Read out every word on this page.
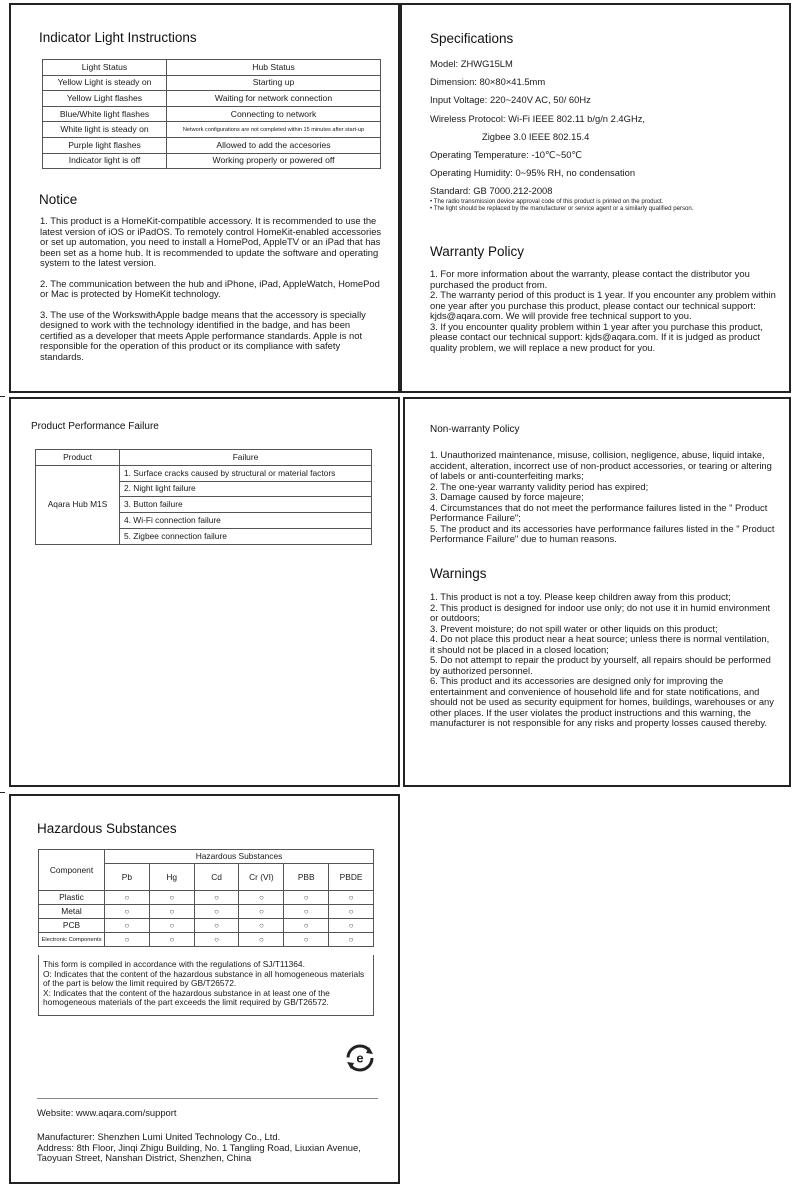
Indicator Light Instructions
Light Status	Hub Status
Yellow Light is steady on	Starting up
Yellow Light flashes	Waiting for network connection
Blue/White light flashes	Connecting to network
White light is steady on	Network configurations are not completed within 15 minutes after start-up
Purple light flashes	Allowed to add the accesories
Indicator light is off	Working properly or powered off
Notice

1. This product is a HomeKit-compatible accessory. It is recommended to use the latest version of iOS or iPadOS. To remotely control HomeKit-enabled accessories or set up automation, you need to install a HomePod, AppleTV or an iPad that has been set as a home hub. It is recommended to update the software and operating system to the latest version.

2. The communication between the hub and iPhone, iPad, AppleWatch, HomePod or Mac is protected by HomeKit technology.

3. The use of the WorkswithApple badge means that the accessory is specially designed to work with the technology identified in the badge, and has been certified as a developer that meets Apple performance standards. Apple is not responsible for the operation of this product or its compliance with safety standards.

Specifications
Model: ZHWG15LM
Dimension: 80×80×41.5mm
Input Voltage: 220~240V AC, 50/ 60Hz
Wireless Protocol: Wi-Fi IEEE 802.11 b/g/n 2.4GHz,
Zigbee 3.0 IEEE 802.15.4
Operating Temperature: -10℃~50℃
Operating Humidity: 0~95% RH, no condensation
Standard: GB 7000.212-2008
• The radio transmission device approval code of this product is printed on the product.
• The light should be replaced by the manufacturer or service agent or a similarly qualified person.
Warranty Policy

1. For more information about the warranty, please contact the distributor you purchased the product from.

2. The warranty period of this product is 1 year. If you encounter any problem within one year after you purchase this product, please contact our technical support: kjds@aqara.com. We will provide free technical support to you.

3. If you encounter quality problem within 1 year after you purchase this product, please contact our technical support: kjds@aqara.com. If it is judged as product quality problem, we will replace a new product for you.

Product Performance Failure
Product	Failure
Aqara Hub M1S	1. Surface cracks caused by structural or material factors
	2. Night light failure
	3. Button failure
	4. Wi-Fi connection failure
	5. Zigbee connection failure
Non-warranty Policy

1. Unauthorized maintenance, misuse, collision, negligence, abuse, liquid intake, accident, alteration, incorrect use of non-product accessories, or tearing or altering of labels or anti-counterfeiting marks;

2. The one-year warranty validity period has expired;

3. Damage caused by force majeure;

4. Circumstances that do not meet the performance failures listed in the " Product Performance Failure";

5. The product and its accessories have performance failures listed in the " Product Performance Failure" due to human reasons.

Warnings

1. This product is not a toy. Please keep children away from this product;

2. This product is designed for indoor use only; do not use it in humid environment or outdoors;

3. Prevent moisture; do not spill water or other liquids on this product;

4. Do not place this product near a heat source; unless there is normal ventilation, it should not be placed in a closed location;

5. Do not attempt to repair the product by yourself, all repairs should be performed by authorized personnel.

6. This product and its accessories are designed only for improving the entertainment and convenience of household life and for state notifications, and should not be used as security equipment for homes, buildings, warehouses or any other places. If the user violates the product instructions and this warning, the manufacturer is not responsible for any risks and property losses caused thereby.

Hazardous Substances
Component	Hazardous Substances					
	Pb	Hg	Cd	Cr (VI)	PBB	PBDE
Plastic	○	○	○	○	○	○
Metal	○	○	○	○	○	○
PCB	○	○	○	○	○	○
Electronic Components	○	○	○	○	○	○

This form is compiled in accordance with the regulations of SJ/T11364.

O: Indicates that the content of the hazardous substance in all homogeneous materials of the part is below the limit required by GB/T26572.

X: Indicates that the content of the hazardous substance in at least one of the homogeneous materials of the part exceeds the limit required by GB/T26572.

e
Website: www.aqara.com/support

Manufacturer: Shenzhen Lumi United Technology Co., Ltd.

Address: 8th Floor, Jinqi Zhigu Building, No. 1 Tangling Road, Liuxian Avenue, Taoyuan Street, Nanshan District, Shenzhen, China
